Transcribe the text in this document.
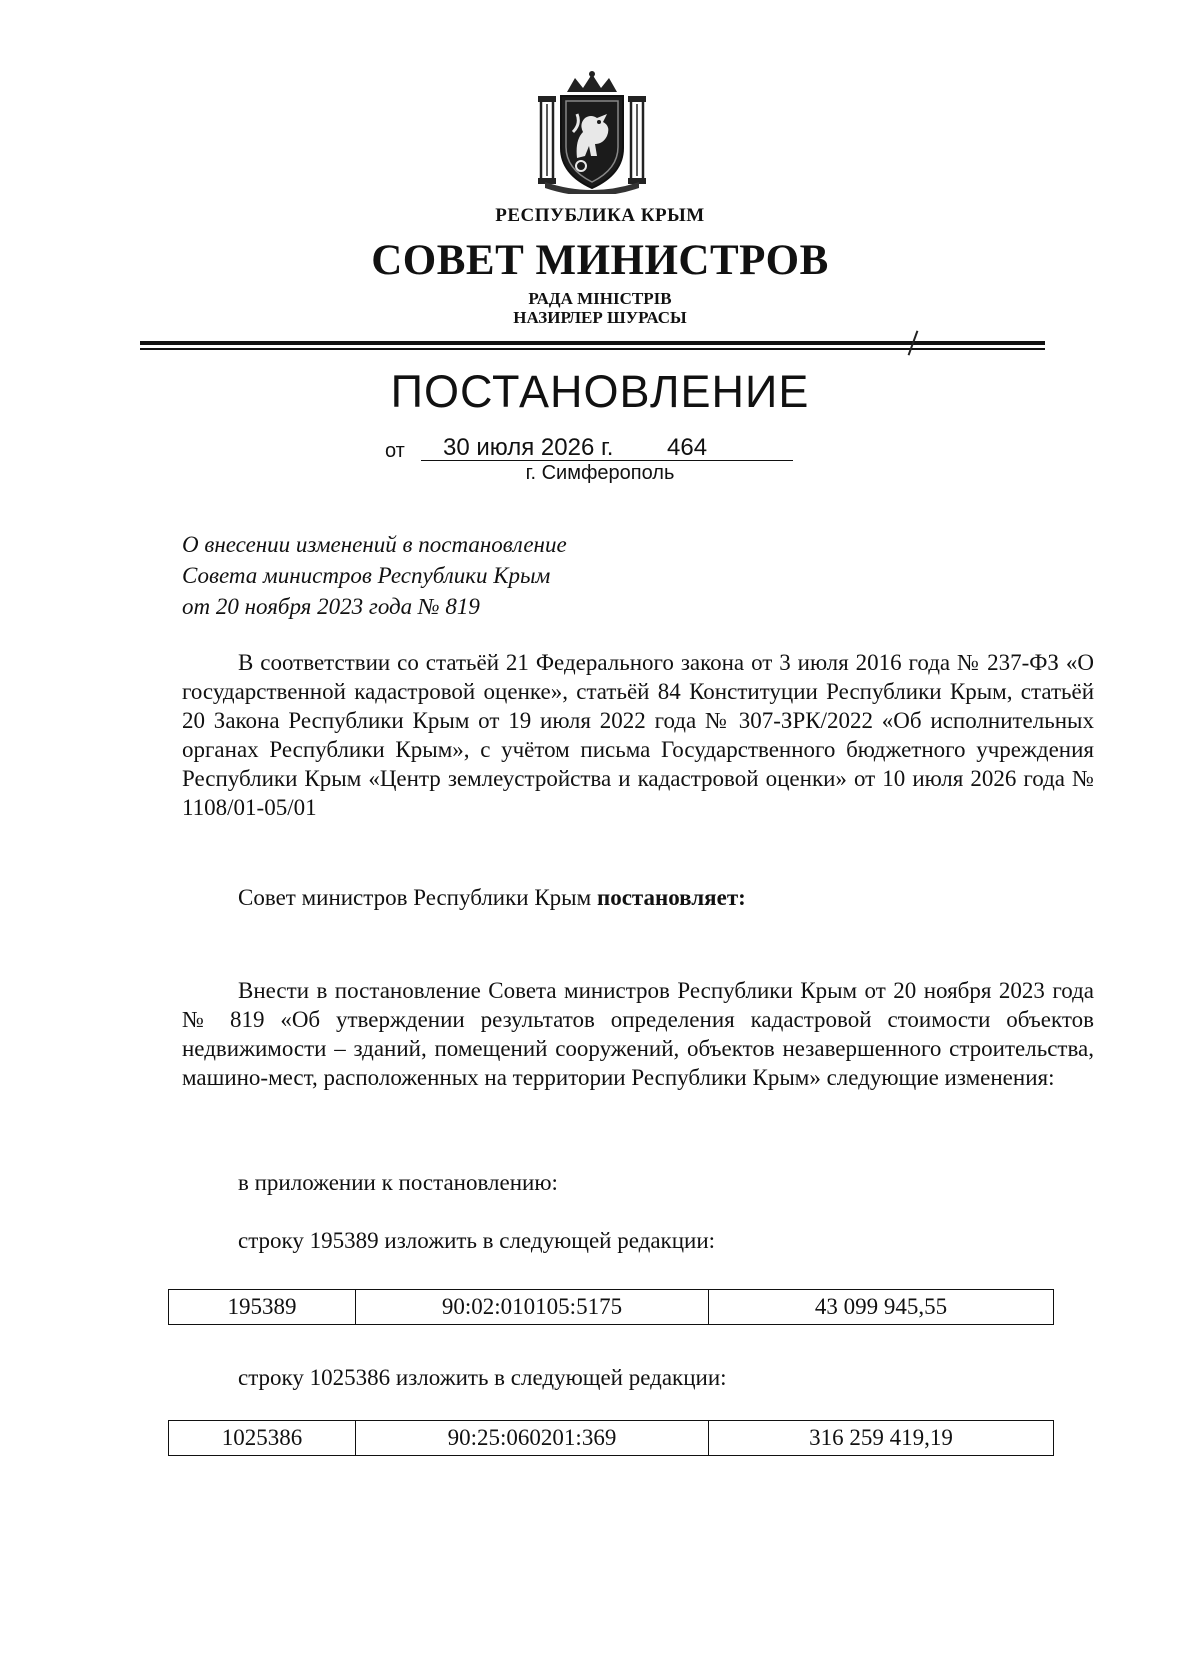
РЕСПУБЛИКА КРЫМ
СОВЕТ МИНИСТРОВ
РАДА МІНІСТРІВ
НАЗИРЛЕР ШУРАСЫ
ПОСТАНОВЛЕНИЕ
от 30 июля 2026 г. 464
г. Симферополь
О внесении изменений в постановление
Совета министров Республики Крым
от 20 ноября 2023 года № 819
В соответствии со статьёй 21 Федерального закона от 3 июля 2016 года № 237-ФЗ «О государственной кадастровой оценке», статьёй 84 Конституции Республики Крым, статьёй 20 Закона Республики Крым от 19 июля 2022 года № 307-ЗРК/2022 «Об исполнительных органах Республики Крым», с учётом письма Государственного бюджетного учреждения Республики Крым «Центр землеустройства и кадастровой оценки» от 10 июля 2026 года № 1108/01-05/01
Совет министров Республики Крым постановляет:
Внести в постановление Совета министров Республики Крым от 20 ноября 2023 года № 819 «Об утверждении результатов определения кадастровой стоимости объектов недвижимости – зданий, помещений сооружений, объектов незавершенного строительства, машино-мест, расположенных на территории Республики Крым» следующие изменения:
в приложении к постановлению:
строку 195389 изложить в следующей редакции:
195389	90:02:010105:5175	43 099 945,55
строку 1025386 изложить в следующей редакции:
1025386	90:25:060201:369	316 259 419,19
